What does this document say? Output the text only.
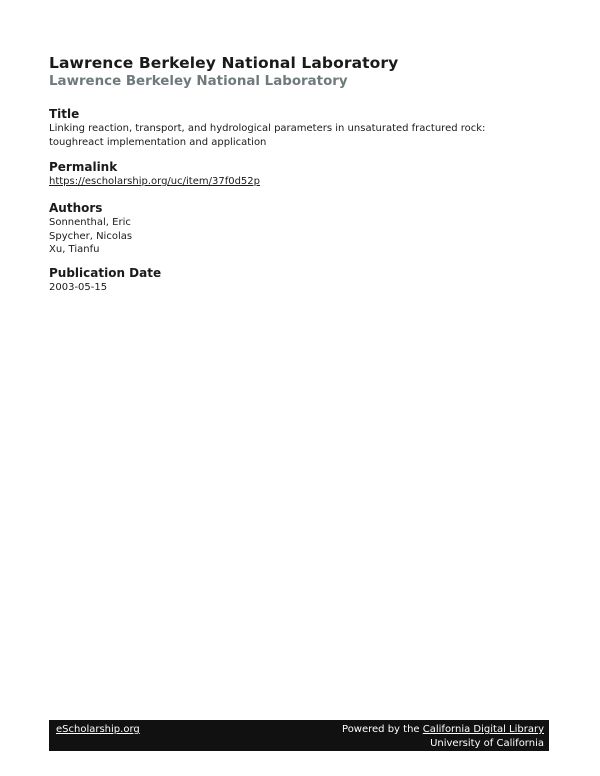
Lawrence Berkeley National Laboratory
Lawrence Berkeley National Laboratory
Title
Linking reaction, transport, and hydrological parameters in unsaturated fractured rock:
toughreact implementation and application
Permalink
https://escholarship.org/uc/item/37f0d52p
Authors
Sonnenthal, Eric
Spycher, Nicolas
Xu, Tianfu
Publication Date
2003-05-15
eScholarship.org	Powered by the California Digital Library
University of California
